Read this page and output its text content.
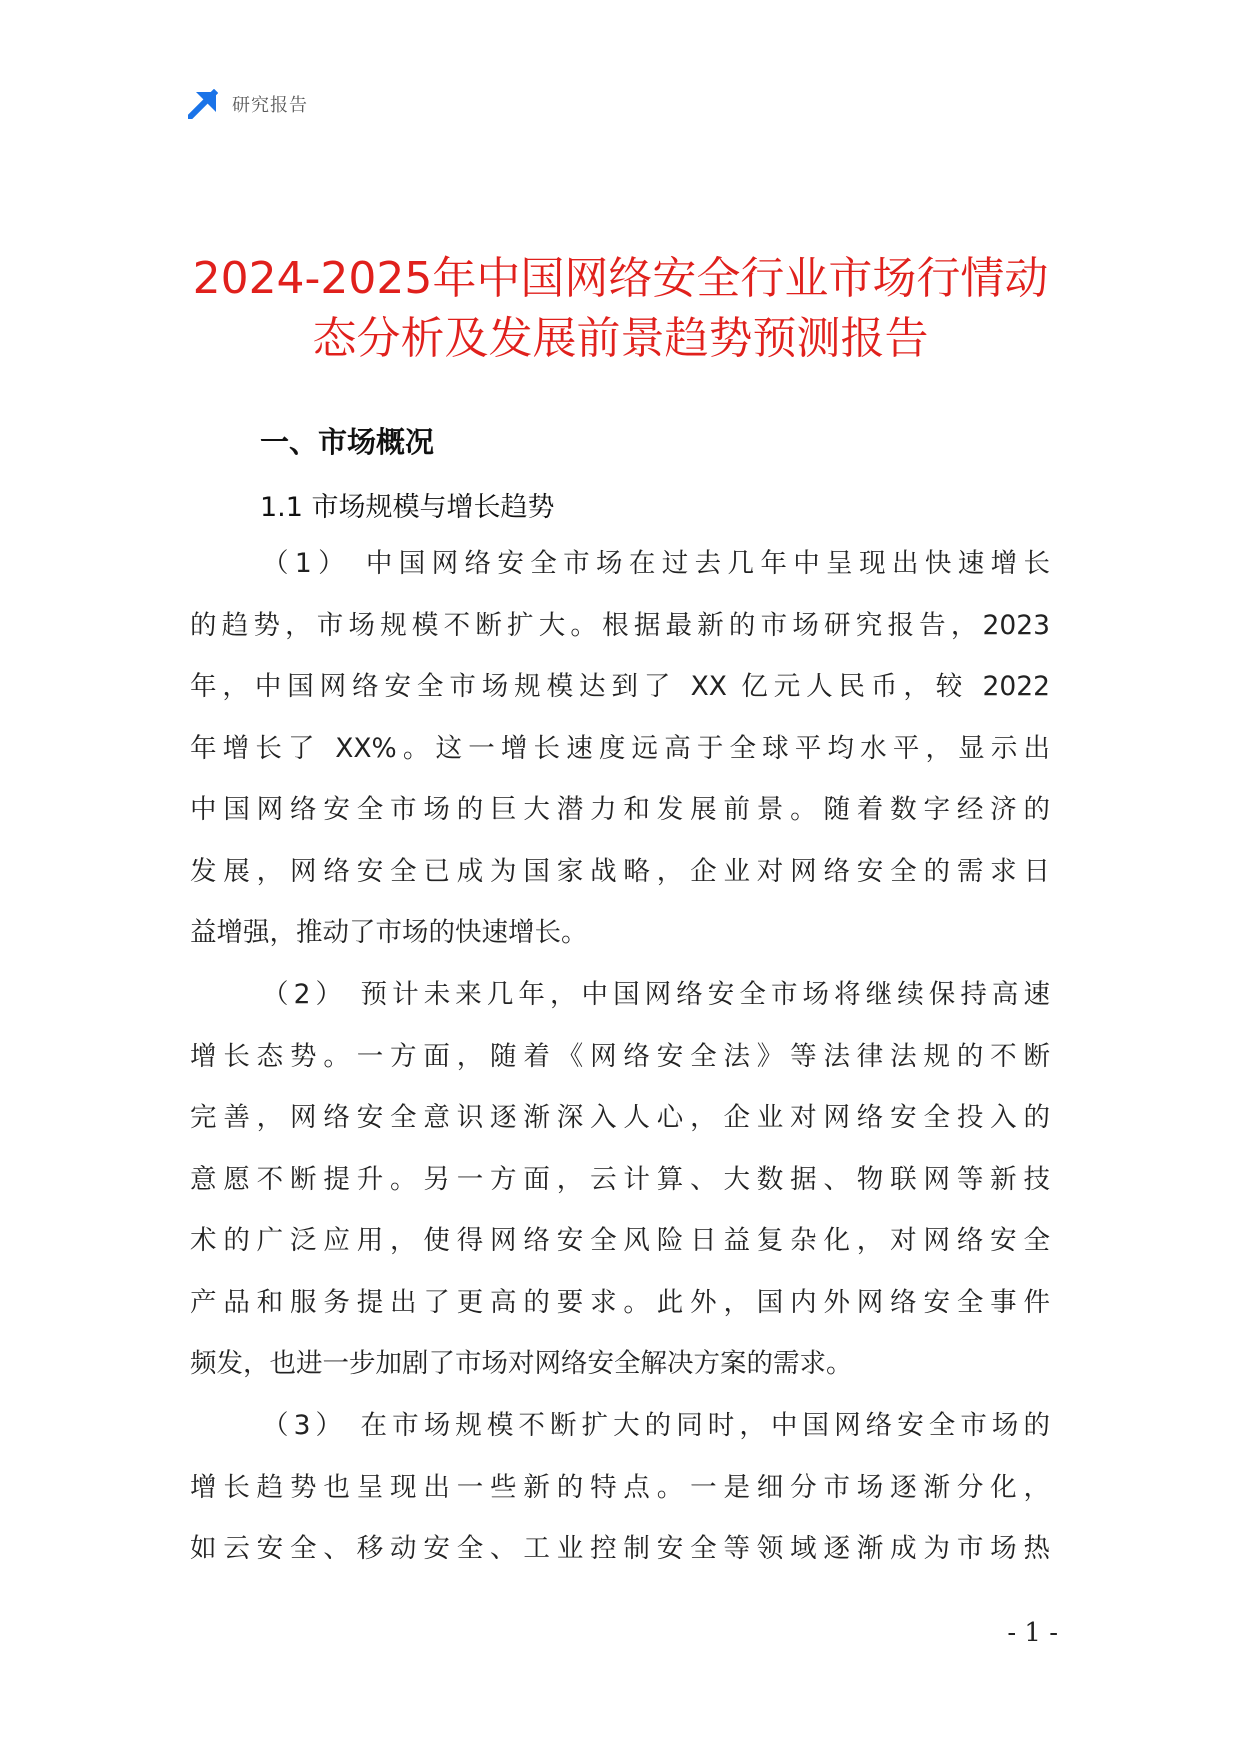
研究报告
2024-2025年中国网络安全行业市场行情动
态分析及发展前景趋势预测报告
一、市场概况
1.1 市场规模与增长趋势
（1） 中国网络安全市场在过去几年中呈现出快速增长
的趋势，市场规模不断扩大。根据最新的市场研究报告，2023
年，中国网络安全市场规模达到了 XX 亿元人民币，较 2022
年增长了 XX%。这一增长速度远高于全球平均水平，显示出
中国网络安全市场的巨大潜力和发展前景。随着数字经济的
发展，网络安全已成为国家战略，企业对网络安全的需求日
益增强，推动了市场的快速增长。
（2） 预计未来几年，中国网络安全市场将继续保持高速
增长态势。一方面，随着《网络安全法》等法律法规的不断
完善，网络安全意识逐渐深入人心，企业对网络安全投入的
意愿不断提升。另一方面，云计算、大数据、物联网等新技
术的广泛应用，使得网络安全风险日益复杂化，对网络安全
产品和服务提出了更高的要求。此外，国内外网络安全事件
频发，也进一步加剧了市场对网络安全解决方案的需求。
（3） 在市场规模不断扩大的同时，中国网络安全市场的
增长趋势也呈现出一些新的特点。一是细分市场逐渐分化，
如云安全、移动安全、工业控制安全等领域逐渐成为市场热
- 1 -
